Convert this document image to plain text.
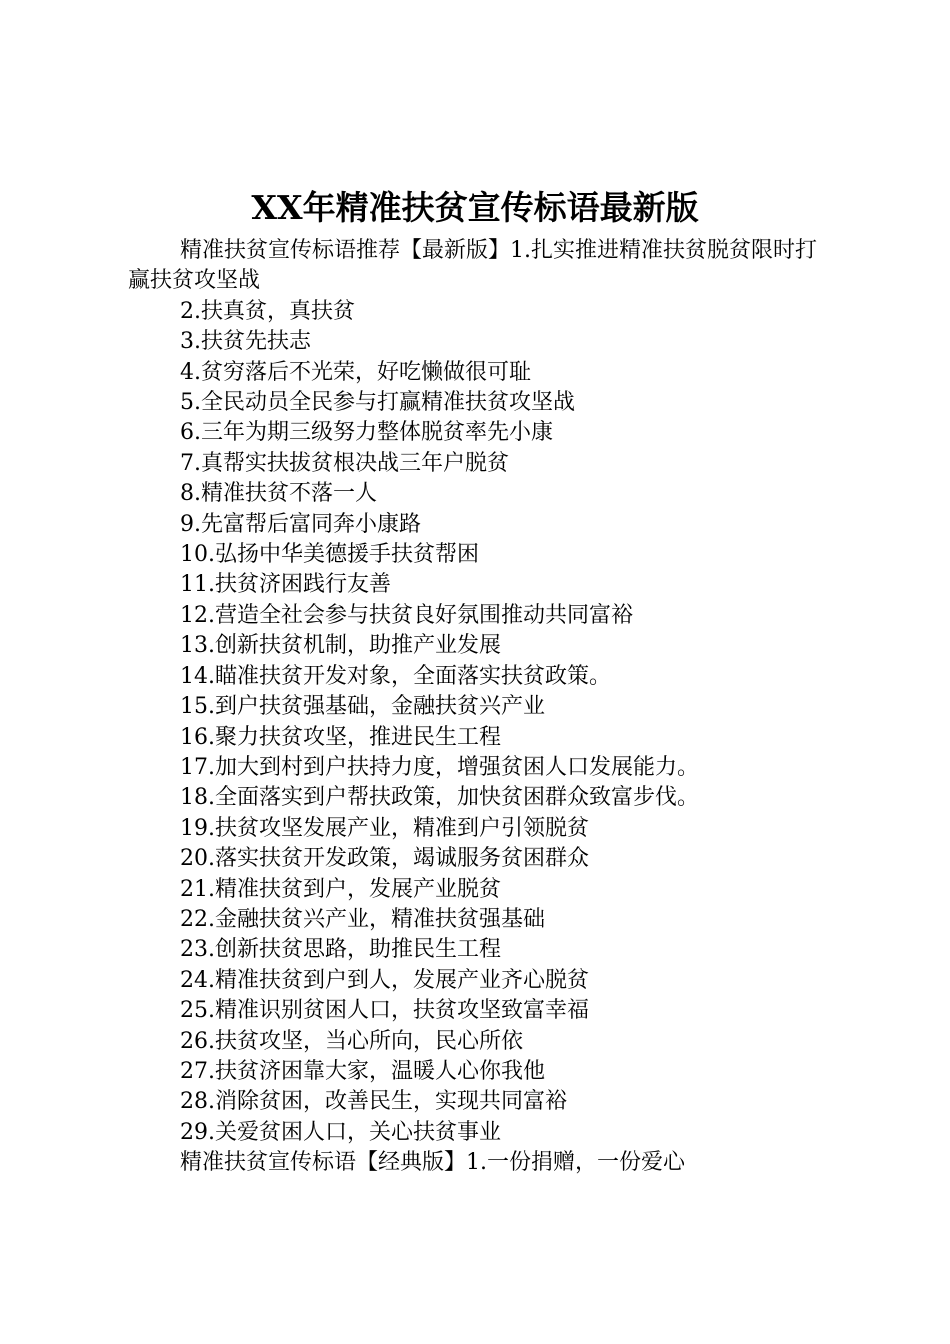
XX年精准扶贫宣传标语最新版

精准扶贫宣传标语推荐【最新版】1.扎实推进精准扶贫脱贫限时打赢扶贫攻坚战

2.扶真贫，真扶贫
3.扶贫先扶志
4.贫穷落后不光荣，好吃懒做很可耻
5.全民动员全民参与打赢精准扶贫攻坚战
6.三年为期三级努力整体脱贫率先小康
7.真帮实扶拔贫根决战三年户脱贫
8.精准扶贫不落一人
9.先富帮后富同奔小康路
10.弘扬中华美德援手扶贫帮困
11.扶贫济困践行友善
12.营造全社会参与扶贫良好氛围推动共同富裕
13.创新扶贫机制，助推产业发展
14.瞄准扶贫开发对象，全面落实扶贫政策。
15.到户扶贫强基础，金融扶贫兴产业
16.聚力扶贫攻坚，推进民生工程
17.加大到村到户扶持力度，增强贫困人口发展能力。
18.全面落实到户帮扶政策，加快贫困群众致富步伐。
19.扶贫攻坚发展产业，精准到户引领脱贫
20.落实扶贫开发政策，竭诚服务贫困群众
21.精准扶贫到户，发展产业脱贫
22.金融扶贫兴产业，精准扶贫强基础
23.创新扶贫思路，助推民生工程
24.精准扶贫到户到人，发展产业齐心脱贫
25.精准识别贫困人口，扶贫攻坚致富幸福
26.扶贫攻坚，当心所向，民心所依
27.扶贫济困靠大家，温暖人心你我他
28.消除贫困，改善民生，实现共同富裕
29.关爱贫困人口，关心扶贫事业

精准扶贫宣传标语【经典版】1.一份捐赠，一份爱心
